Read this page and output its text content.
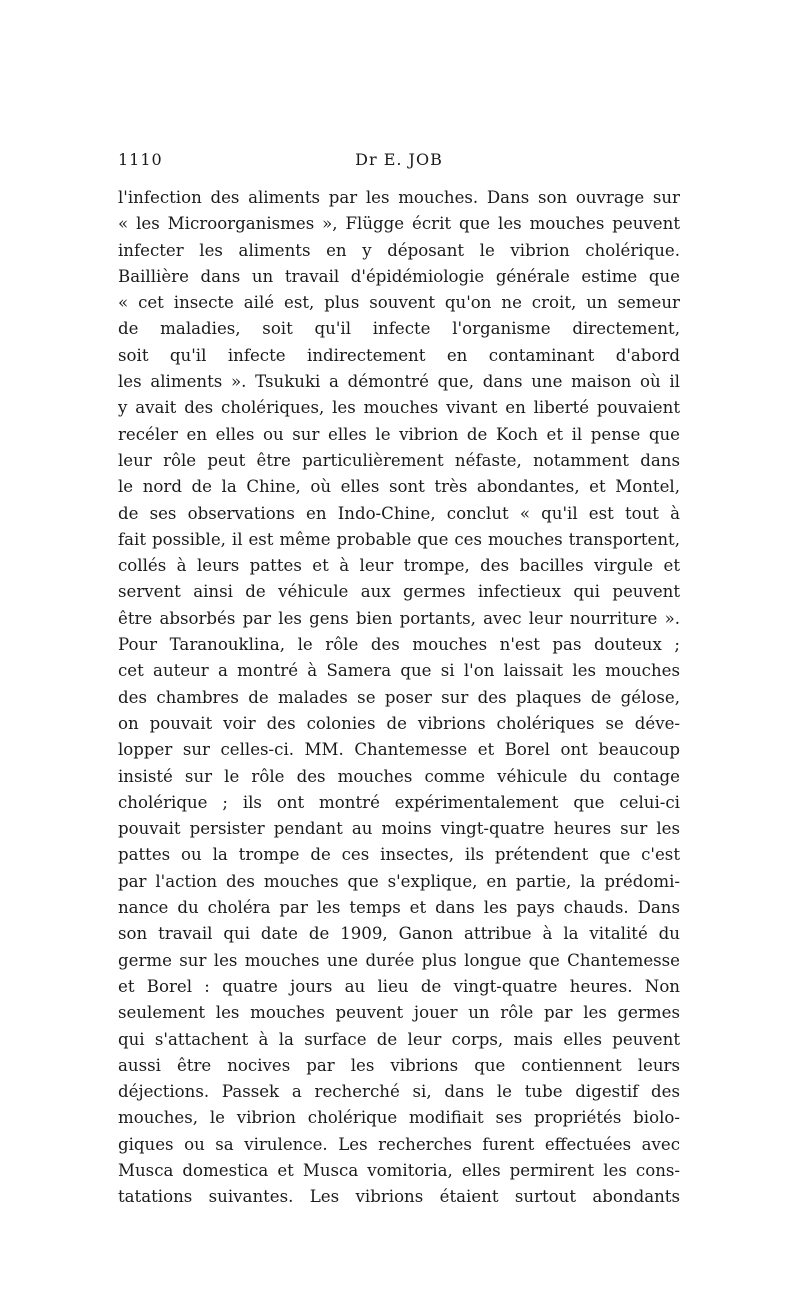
1110	Dr E. JOB
l'infection des aliments par les mouches. Dans son ouvrage sur
« les Microorganismes », Flügge écrit que les mouches peuvent
infecter les aliments en y déposant le vibrion cholérique.
Baillière dans un travail d'épidémiologie générale estime que
« cet insecte ailé est, plus souvent qu'on ne croit, un semeur
de maladies, soit qu'il infecte l'organisme directement,
soit qu'il infecte indirectement en contaminant d'abord
les aliments ». Tsukuki a démontré que, dans une maison où il
y avait des cholériques, les mouches vivant en liberté pouvaient
recéler en elles ou sur elles le vibrion de Koch et il pense que
leur rôle peut être particulièrement néfaste, notamment dans
le nord de la Chine, où elles sont très abondantes, et Montel,
de ses observations en Indo-Chine, conclut « qu'il est tout à
fait possible, il est même probable que ces mouches transportent,
collés à leurs pattes et à leur trompe, des bacilles virgule et
servent ainsi de véhicule aux germes infectieux qui peuvent
être absorbés par les gens bien portants, avec leur nourriture ».
Pour Taranouklina, le rôle des mouches n'est pas douteux ;
cet auteur a montré à Samera que si l'on laissait les mouches
des chambres de malades se poser sur des plaques de gélose,
on pouvait voir des colonies de vibrions cholériques se déve-
lopper sur celles-ci. MM. Chantemesse et Borel ont beaucoup
insisté sur le rôle des mouches comme véhicule du contage
cholérique ; ils ont montré expérimentalement que celui-ci
pouvait persister pendant au moins vingt-quatre heures sur les
pattes ou la trompe de ces insectes, ils prétendent que c'est
par l'action des mouches que s'explique, en partie, la prédomi-
nance du choléra par les temps et dans les pays chauds. Dans
son travail qui date de 1909, Ganon attribue à la vitalité du
germe sur les mouches une durée plus longue que Chantemesse
et Borel : quatre jours au lieu de vingt-quatre heures. Non
seulement les mouches peuvent jouer un rôle par les germes
qui s'attachent à la surface de leur corps, mais elles peuvent
aussi être nocives par les vibrions que contiennent leurs
déjections. Passek a recherché si, dans le tube digestif des
mouches, le vibrion cholérique modifiait ses propriétés biolo-
giques ou sa virulence. Les recherches furent effectuées avec
Musca domestica et Musca vomitoria, elles permirent les cons-
tatations suivantes. Les vibrions étaient surtout abondants
